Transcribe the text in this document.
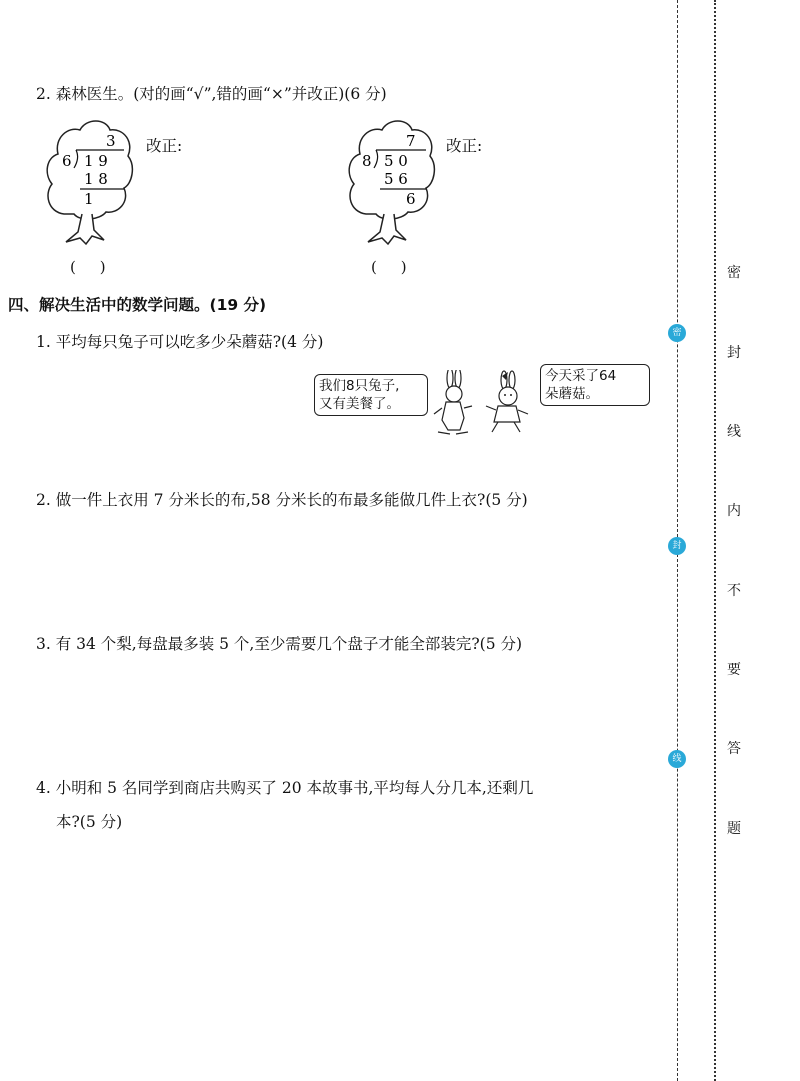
2. 森林医生。(对的画“√”,错的画“×”并改正)(6 分)
3
6 1 9
1 8
1
改正:
(     )
7
8 5 0
5 6
6
改正:
(     )
四、解决生活中的数学问题。(19 分)
1. 平均每只兔子可以吃多少朵蘑菇?(4 分)
我们8只兔子,
又有美餐了。
今天采了64
朵蘑菇。
2. 做一件上衣用 7 分米长的布,58 分米长的布最多能做几件上衣?(5 分)
3. 有 34 个梨,每盘最多装 5 个,至少需要几个盘子才能全部装完?(5 分)
4. 小明和 5 名同学到商店共购买了 20 本故事书,平均每人分几本,还剩几
本?(5 分)
密
封
线
密
封
线
内
不
要
答
题
